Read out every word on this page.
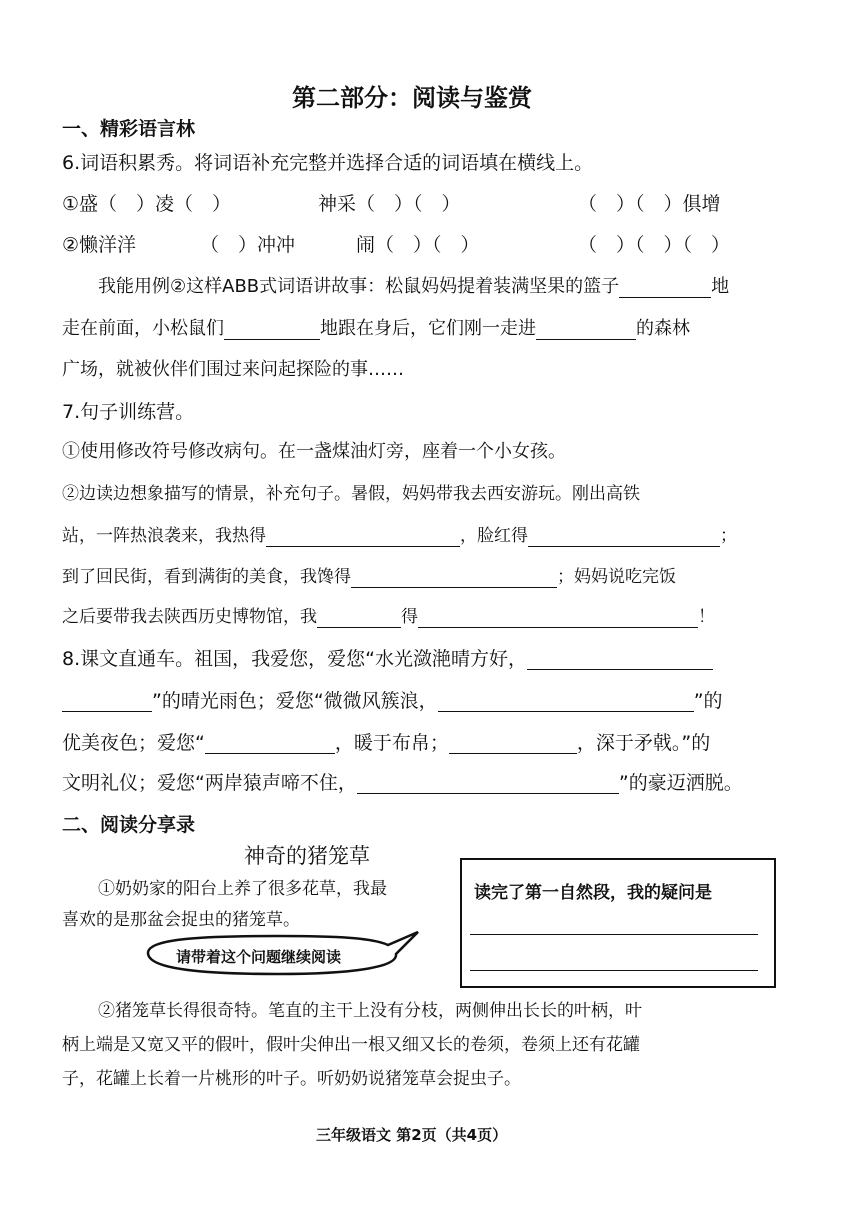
第二部分：阅读与鉴赏
一、精彩语言林
6.词语积累秀。将词语补充完整并选择合适的词语填在横线上。
①盛（　）凌（　）	神采（　）（　）	（　）（　）俱增
②懒洋洋	（　）冲冲	闹（　）（　）	（　）（　）（　）
我能用例②这样ABB式词语讲故事：松鼠妈妈提着装满坚果的篮子	地
走在前面，小松鼠们	地跟在身后，它们刚一走进	的森林
广场，就被伙伴们围过来问起探险的事……
7.句子训练营。
①使用修改符号修改病句。在一盏煤油灯旁，座着一个小女孩。
②边读边想象描写的情景，补充句子。暑假，妈妈带我去西安游玩。刚出高铁
站，一阵热浪袭来，我热得	，脸红得	；
到了回民街，看到满街的美食，我馋得	；妈妈说吃完饭
之后要带我去陕西历史博物馆，我	得	！
8.课文直通车。祖国，我爱您，爱您“水光潋滟晴方好，
”的晴光雨色；爱您“微微风簇浪，	”的
优美夜色；爱您“	，暖于布帛；	，深于矛戟。”的
文明礼仪；爱您“两岸猿声啼不住，	”的豪迈洒脱。
二、阅读分享录
神奇的猪笼草
①奶奶家的阳台上养了很多花草，我最
喜欢的是那盆会捉虫的猪笼草。
请带着这个问题继续阅读
读完了第一自然段，我的疑问是
②猪笼草长得很奇特。笔直的主干上没有分枝，两侧伸出长长的叶柄，叶
柄上端是又宽又平的假叶，假叶尖伸出一根又细又长的卷须，卷须上还有花罐
子，花罐上长着一片桃形的叶子。听奶奶说猪笼草会捉虫子。
三年级语文 第2页（共4页）
